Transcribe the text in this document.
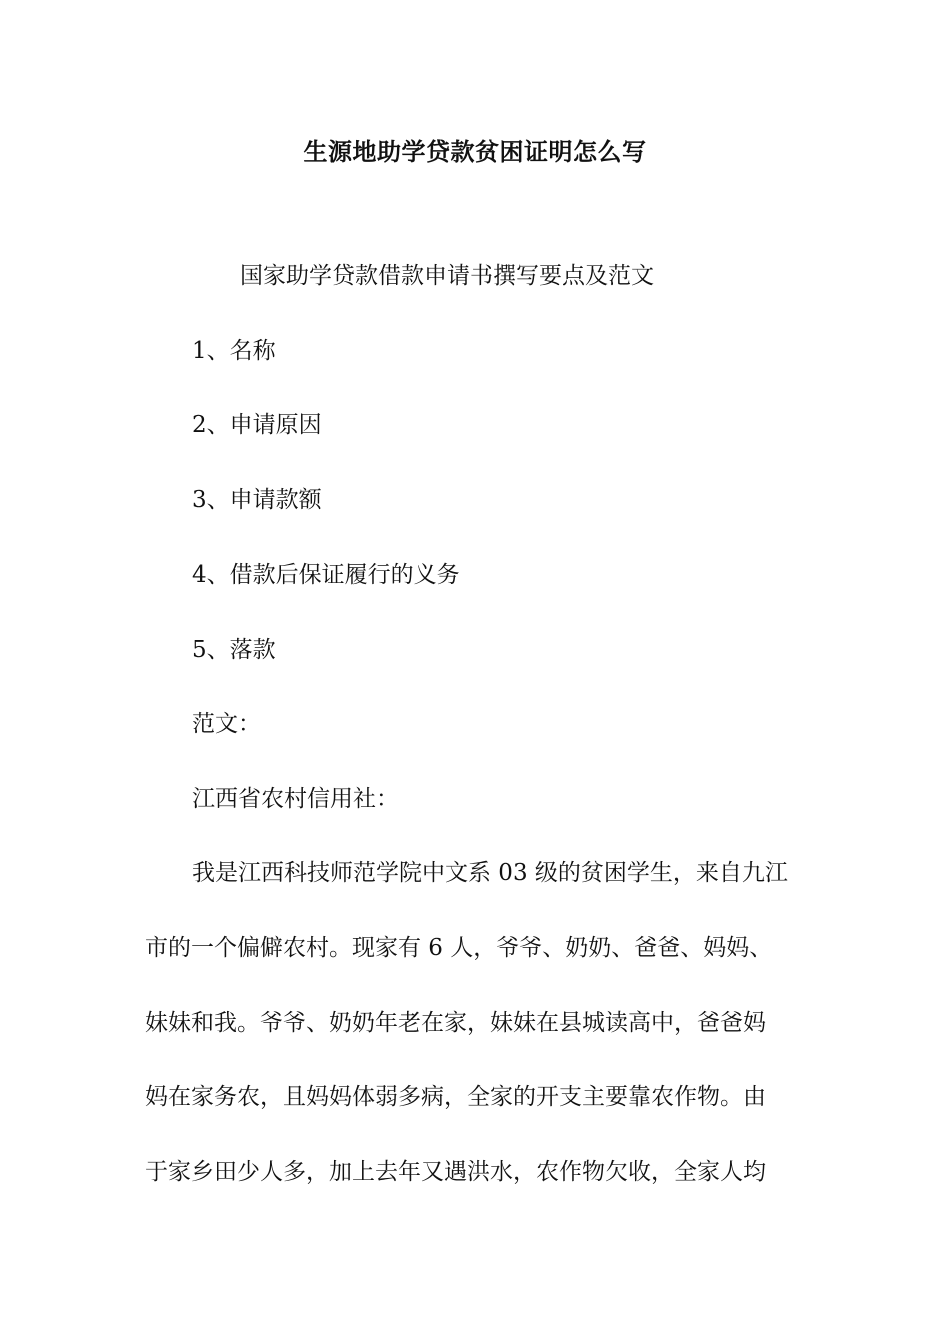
生源地助学贷款贫困证明怎么写
国家助学贷款借款申请书撰写要点及范文
1、名称
2、申请原因
3、申请款额
4、借款后保证履行的义务
5、落款
范文：
江西省农村信用社：
我是江西科技师范学院中文系 03 级的贫困学生，来自九江
市的一个偏僻农村。现家有 6 人，爷爷、奶奶、爸爸、妈妈、
妹妹和我。爷爷、奶奶年老在家，妹妹在县城读高中，爸爸妈
妈在家务农，且妈妈体弱多病，全家的开支主要靠农作物。由
于家乡田少人多，加上去年又遇洪水，农作物欠收，全家人均
